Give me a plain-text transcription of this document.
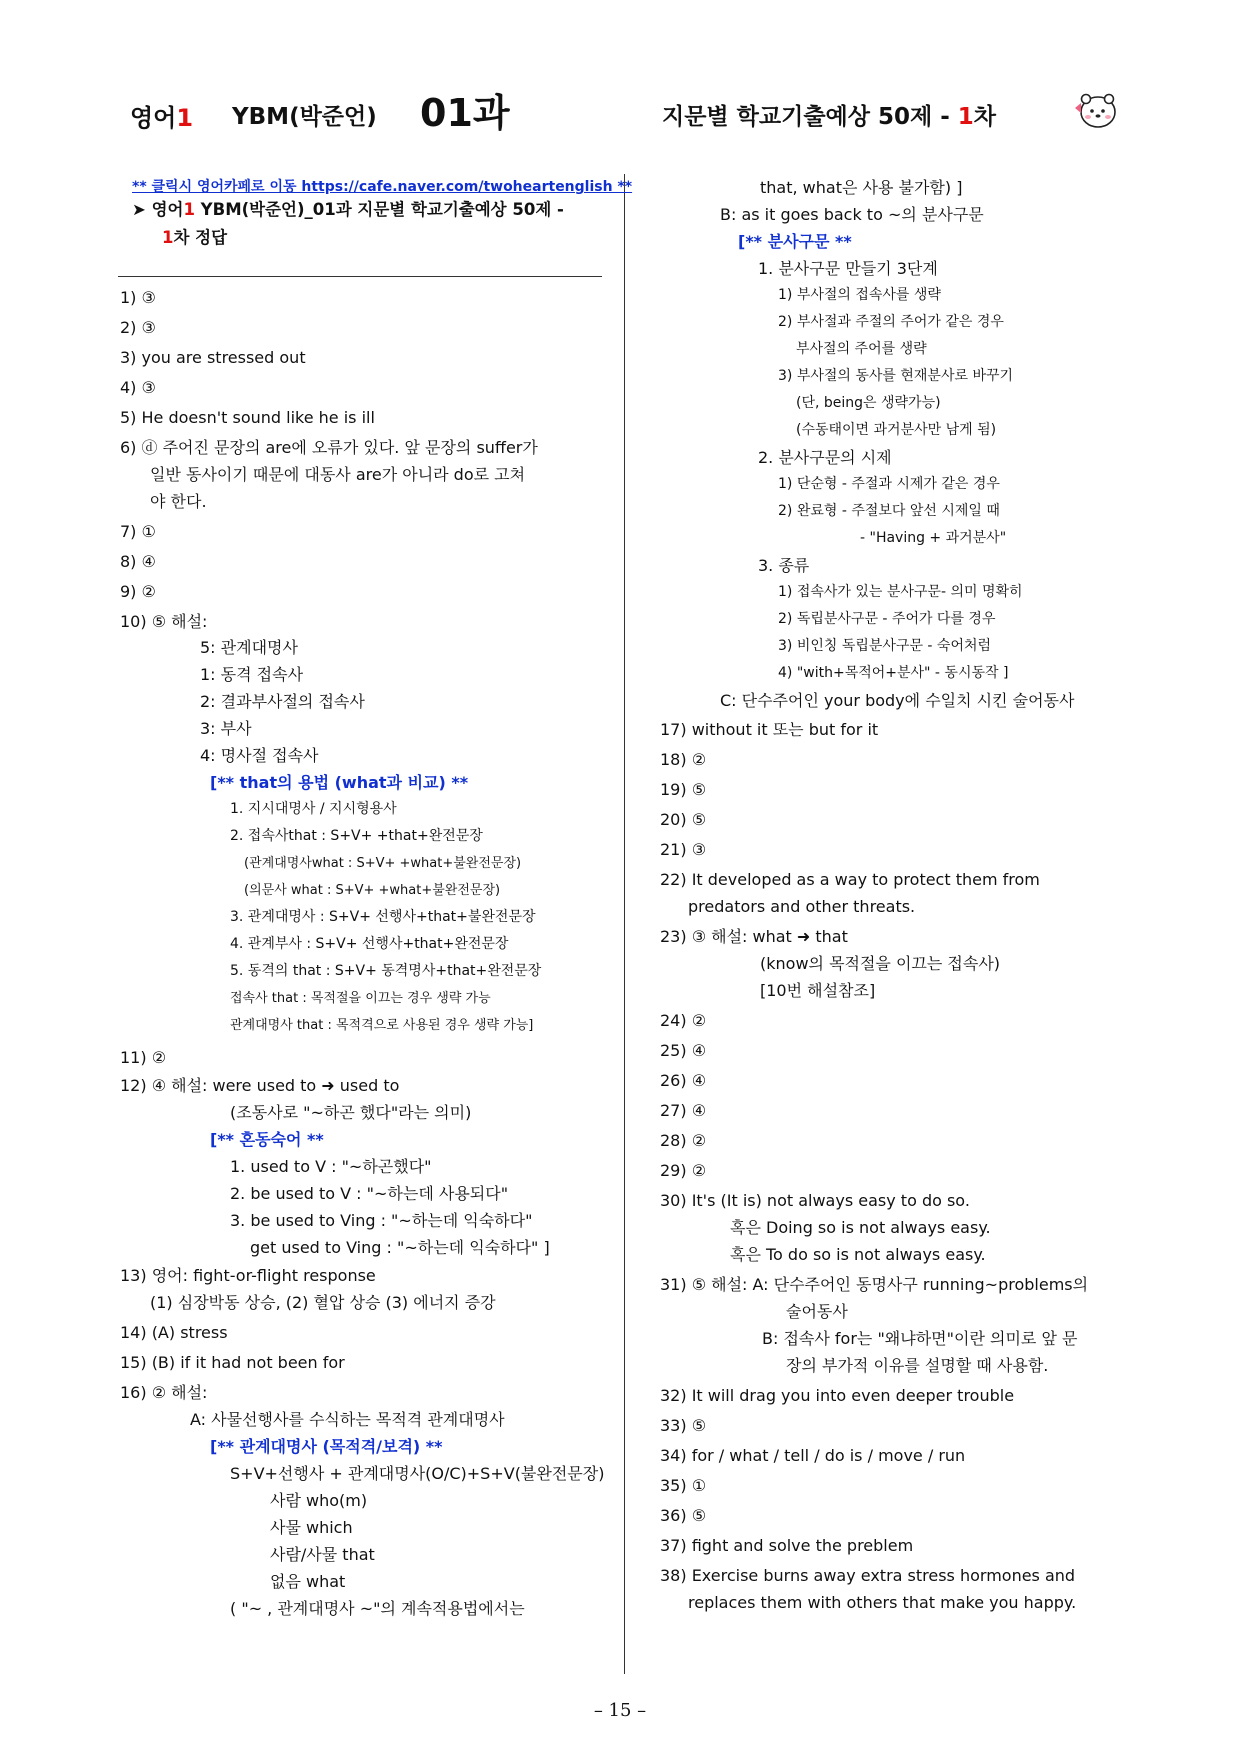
영어1 YBM(박준언) 01과	지문별 학교기출예상 50제 - 1차
** 클릭시 영어카페로 이동 https://cafe.naver.com/twoheartenglish **
➤ 영어1 YBM(박준언)_01과 지문별 학교기출예상 50제 -
1차 정답
1) ③
2) ③
3) you are stressed out
4) ③
5) He doesn't sound like he is ill
6) ⓓ 주어진 문장의 are에 오류가 있다. 앞 문장의 suffer가
일반 동사이기 때문에 대동사 are가 아니라 do로 고쳐
야 한다.
7) ①
8) ④
9) ②
10) ⑤ 해설:
5: 관계대명사
1: 동격 접속사
2: 결과부사절의 접속사
3: 부사
4: 명사절 접속사
[** that의 용법 (what과 비교) **
1. 지시대명사 / 지시형용사
2. 접속사that : S+V+ +that+완전문장
(관계대명사what : S+V+ +what+불완전문장)
(의문사 what : S+V+ +what+불완전문장)
3. 관계대명사 : S+V+ 선행사+that+불완전문장
4. 관계부사 : S+V+ 선행사+that+완전문장
5. 동격의 that : S+V+ 동격명사+that+완전문장
접속사 that : 목적절을 이끄는 경우 생략 가능
관계대명사 that : 목적격으로 사용된 경우 생략 가능]
11) ②
12) ④ 해설: were used to ➜ used to
(조동사로 "~하곤 했다"라는 의미)
[** 혼동숙어 **
1. used to V : "~하곤했다"
2. be used to V : "~하는데 사용되다"
3. be used to Ving : "~하는데 익숙하다"
get used to Ving : "~하는데 익숙하다" ]
13) 영어: fight-or-flight response
(1) 심장박동 상승, (2) 혈압 상승 (3) 에너지 증강
14) (A) stress
15) (B) if it had not been for
16) ② 해설:
A: 사물선행사를 수식하는 목적격 관계대명사
[** 관계대명사 (목적격/보격) **
S+V+선행사 + 관계대명사(O/C)+S+V(불완전문장)
사람 who(m)
사물 which
사람/사물 that
없음 what
( "~ , 관계대명사 ~"의 계속적용법에서는
that, what은 사용 불가함) ]
B: as it goes back to ~의 분사구문
[** 분사구문 **
1. 분사구문 만들기 3단계
1) 부사절의 접속사를 생략
2) 부사절과 주절의 주어가 같은 경우
부사절의 주어를 생략
3) 부사절의 동사를 현재분사로 바꾸기
(단, being은 생략가능)
(수동태이면 과거분사만 남게 됨)
2. 분사구문의 시제
1) 단순형 - 주절과 시제가 같은 경우
2) 완료형 - 주절보다 앞선 시제일 때
- "Having + 과거분사"
3. 종류
1) 접속사가 있는 분사구문- 의미 명확히
2) 독립분사구문 - 주어가 다를 경우
3) 비인칭 독립분사구문 - 숙어처럼
4) "with+목적어+분사" - 동시동작 ]
C: 단수주어인 your body에 수일치 시킨 술어동사
17) without it 또는 but for it
18) ②
19) ⑤
20) ⑤
21) ③
22) It developed as a way to protect them from
predators and other threats.
23) ③ 해설: what ➜ that
(know의 목적절을 이끄는 접속사)
[10번 해설참조]
24) ②
25) ④
26) ④
27) ④
28) ②
29) ②
30) It's (It is) not always easy to do so.
혹은 Doing so is not always easy.
혹은 To do so is not always easy.
31) ⑤ 해설: A: 단수주어인 동명사구 running~problems의
술어동사
B: 접속사 for는 "왜냐하면"이란 의미로 앞 문
장의 부가적 이유를 설명할 때 사용함.
32) It will drag you into even deeper trouble
33) ⑤
34) for / what / tell / do is / move / run
35) ①
36) ⑤
37) fight and solve the preblem
38) Exercise burns away extra stress hormones and
replaces them with others that make you happy.
– 15 –
